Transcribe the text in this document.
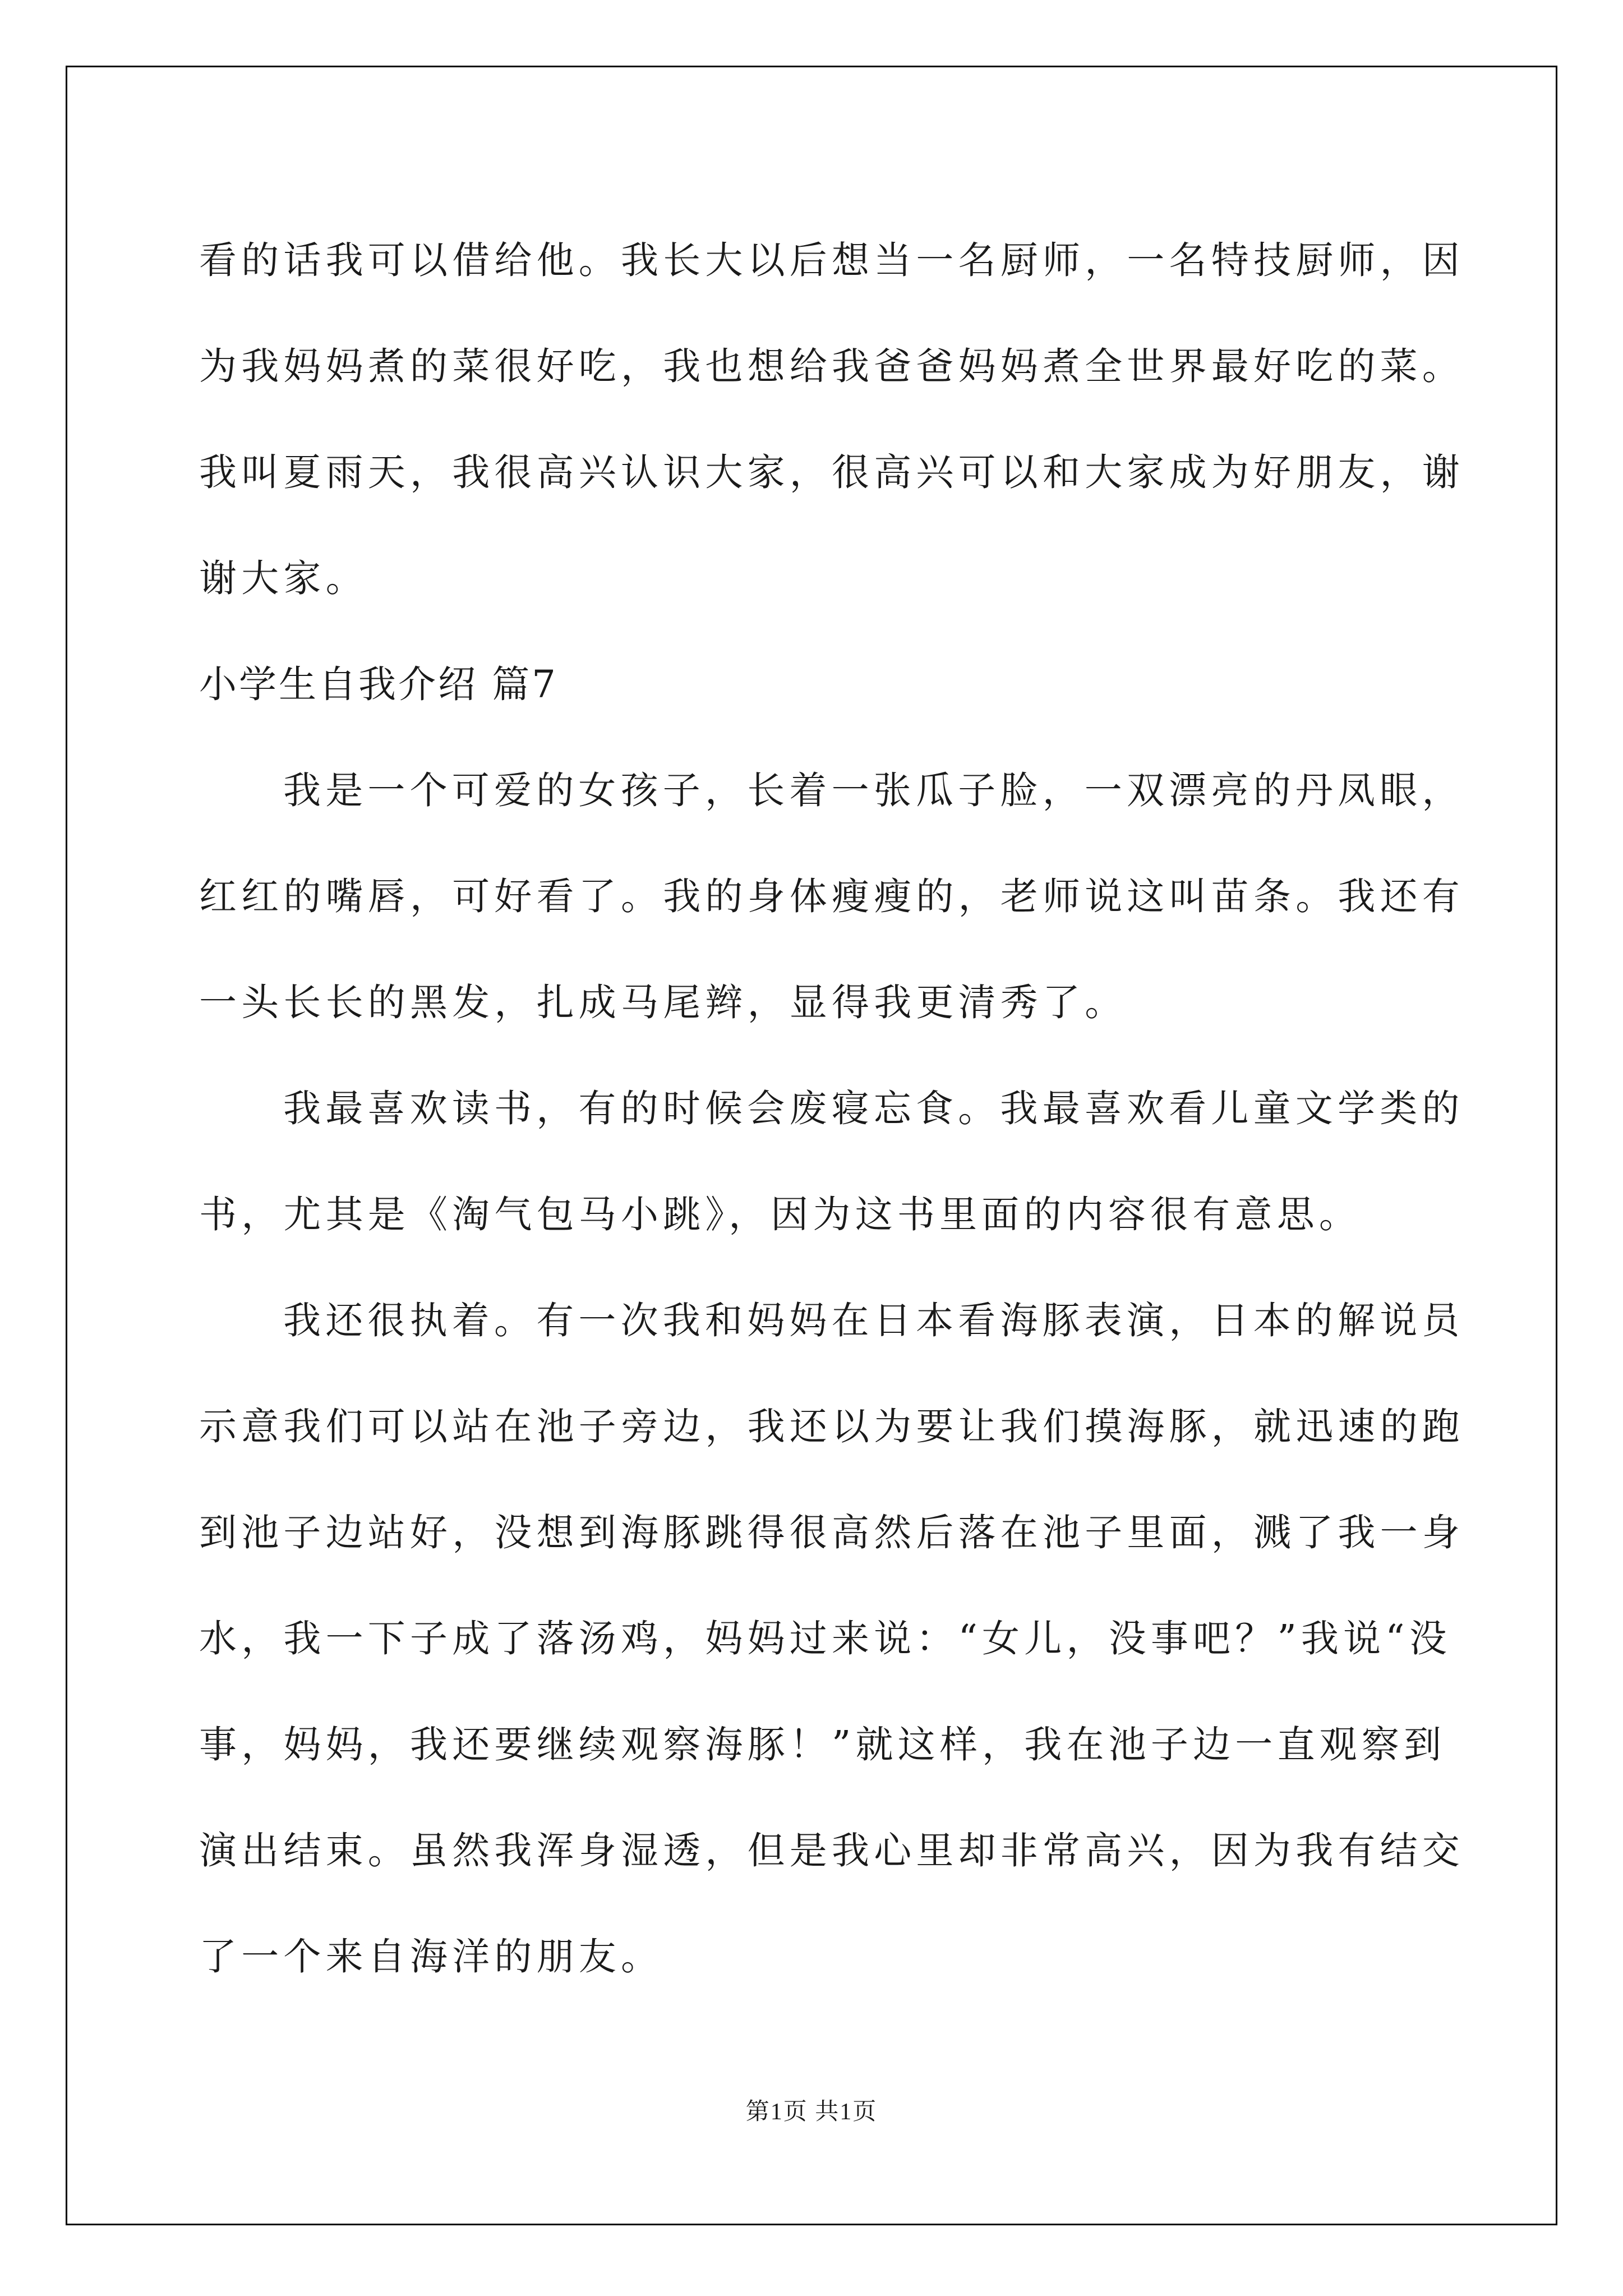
看的话我可以借给他。我长大以后想当一名厨师，一名特技厨师，因

为我妈妈煮的菜很好吃，我也想给我爸爸妈妈煮全世界最好吃的菜。

我叫夏雨天，我很高兴认识大家，很高兴可以和大家成为好朋友，谢

谢大家。

小学生自我介绍 篇7

我是一个可爱的女孩子，长着一张瓜子脸，一双漂亮的丹凤眼，

红红的嘴唇，可好看了。我的身体瘦瘦的，老师说这叫苗条。我还有

一头长长的黑发，扎成马尾辫，显得我更清秀了。

我最喜欢读书，有的时候会废寝忘食。我最喜欢看儿童文学类的

书，尤其是《淘气包马小跳》，因为这书里面的内容很有意思。

我还很执着。有一次我和妈妈在日本看海豚表演，日本的解说员

示意我们可以站在池子旁边，我还以为要让我们摸海豚，就迅速的跑

到池子边站好，没想到海豚跳得很高然后落在池子里面，溅了我一身

水，我一下子成了落汤鸡，妈妈过来说：“女儿，没事吧？”我说“没

事，妈妈，我还要继续观察海豚！”就这样，我在池子边一直观察到

演出结束。虽然我浑身湿透，但是我心里却非常高兴，因为我有结交

了一个来自海洋的朋友。

第1页 共1页
